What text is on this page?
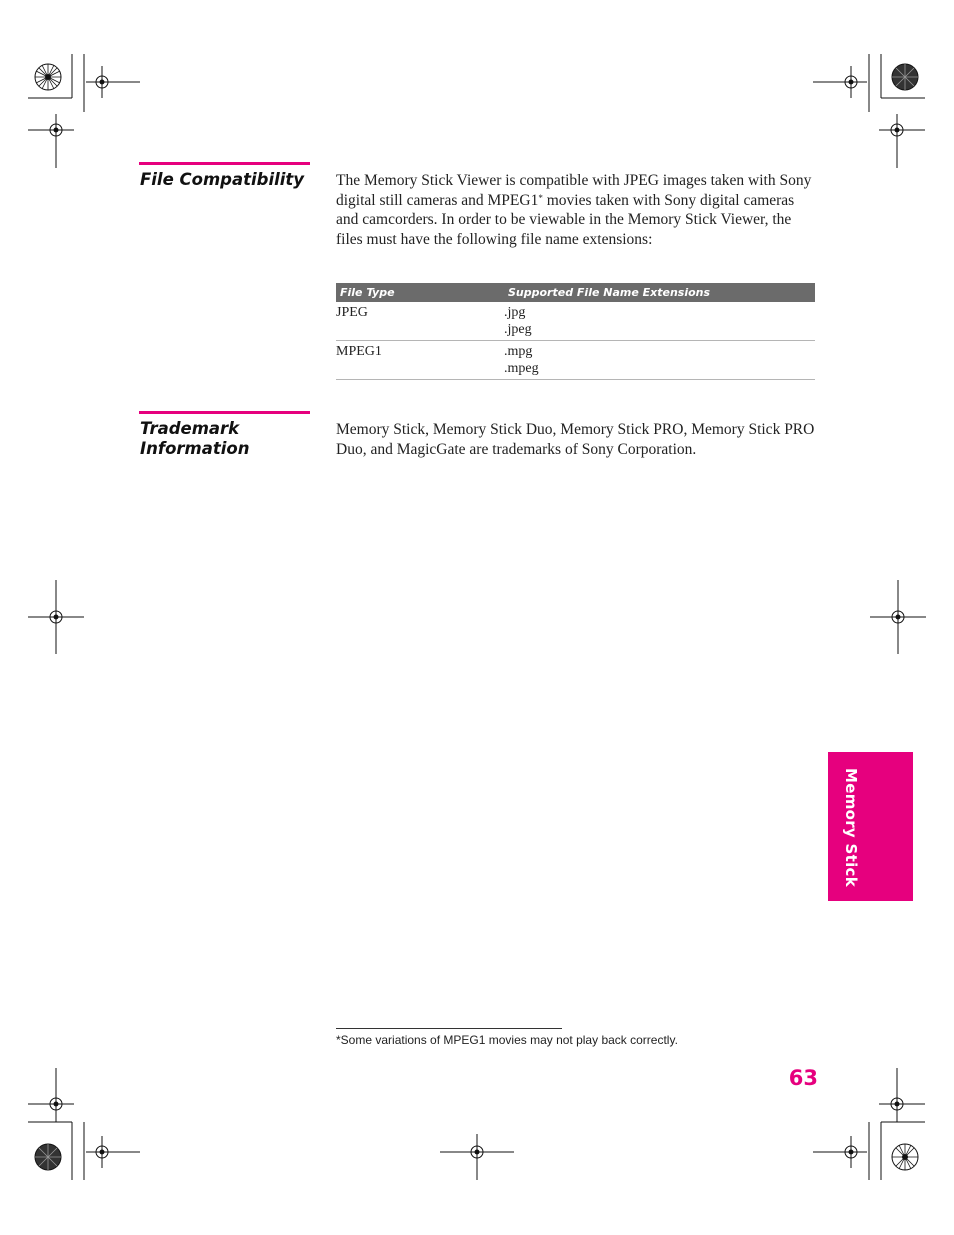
File Compatibility The Memory Stick Viewer is compatible with JPEG images taken with Sony digital still cameras and MPEG1* movies taken with Sony digital cameras and camcorders. In order to be viewable in the Memory Stick Viewer, the files must have the following file name extensions:
File Type	Supported File Name Extensions
JPEG	.jpg
.jpeg
MPEG1	.mpg
.mpeg
Trademark
Information
Memory Stick, Memory Stick Duo, Memory Stick PRO, Memory Stick PRO Duo, and MagicGate are trademarks of Sony Corporation.
*Some variations of MPEG1 movies may not play back correctly.
Memory Stick
63
